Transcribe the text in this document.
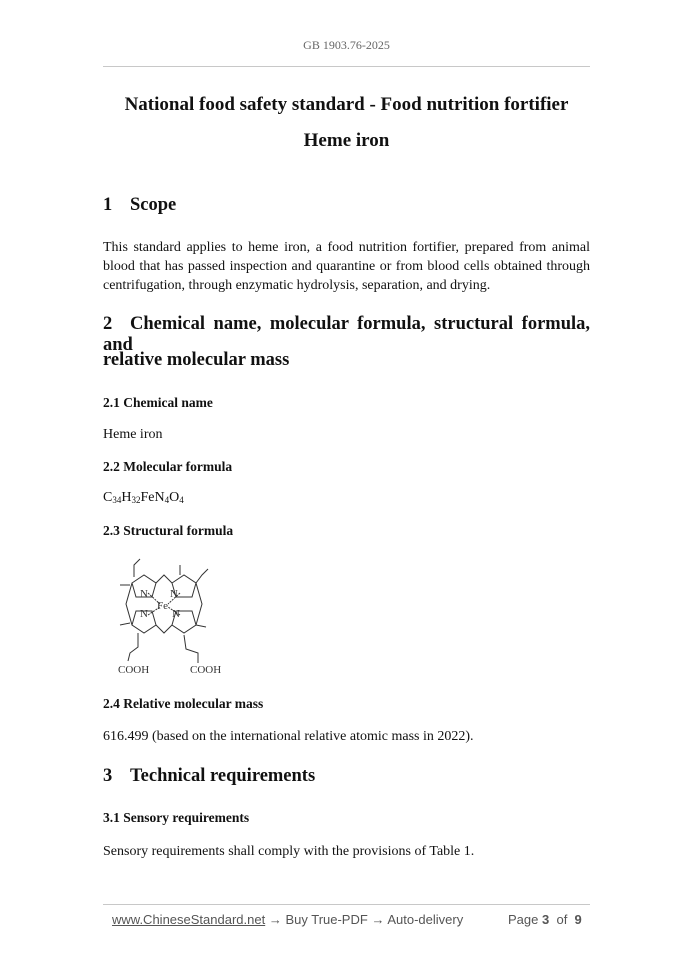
GB 1903.76-2025
National food safety standard - Food nutrition fortifier
Heme iron
1 Scope
This standard applies to heme iron, a food nutrition fortifier, prepared from animal
blood that has passed inspection and quarantine or from blood cells obtained through
centrifugation, through enzymatic hydrolysis, separation, and drying.
2 Chemical name, molecular formula, structural formula, and
relative molecular mass
2.1 Chemical name
Heme iron
2.2 Molecular formula
$C_{34}H_{32}FeN_4O_4$
2.3 Structural formula
N N
N N
Fe
COOH	COOH
2.4 Relative molecular mass
616.499 (based on the international relative atomic mass in 2022).
3 Technical requirements
3.1 Sensory requirements
Sensory requirements shall comply with the provisions of Table 1.
www.ChineseStandard.net → Buy True-PDF → Auto-delivery	Page 3 of 9
